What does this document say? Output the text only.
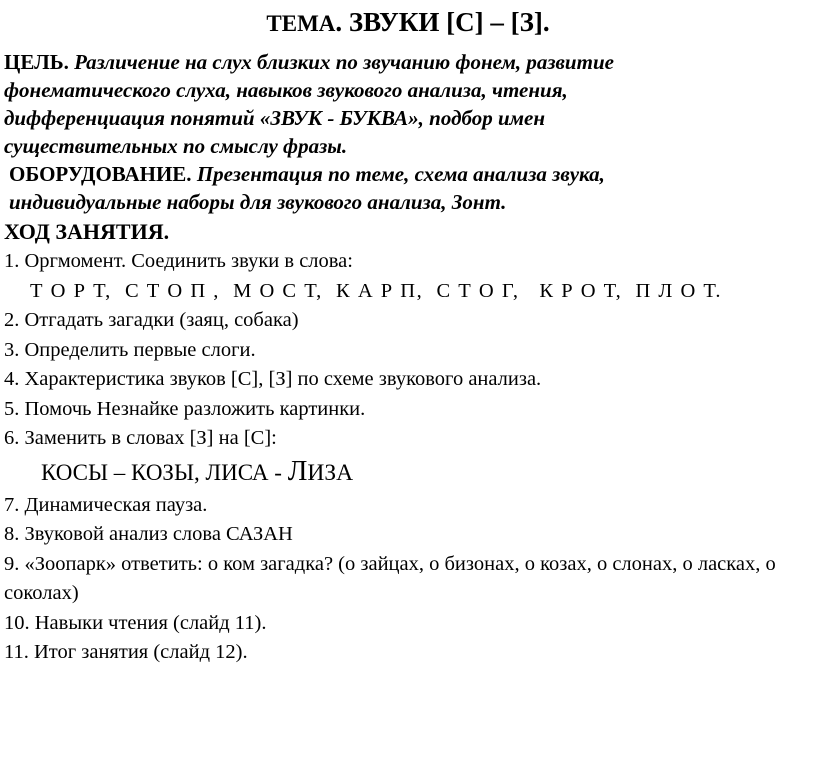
ТЕМА. ЗВУКИ [С] – [З].

ЦЕЛЬ. Различение на слух близких по звучанию фонем, развитие фонематического слуха, навыков звукового анализа, чтения, дифференциация понятий «ЗВУК - БУКВА», подбор имен существительных по смыслу фразы.

ОБОРУДОВАНИЕ. Презентация по теме, схема анализа звука, индивидуальные наборы для звукового анализа, Зонт.

ХОД ЗАНЯТИЯ.
1. Оргмомент. Соединить звуки в слова:
Т О Р Т,  С Т О П ,  М О С Т,  К А Р П,  С Т О Г,   К Р О Т,  П Л О Т.
2. Отгадать загадки (заяц, собака)
3. Определить первые слоги.
4. Характеристика звуков [С], [З] по схеме звукового анализа.
5. Помочь Незнайке разложить картинки.
6. Заменить в словах [З] на [С]:
КОСЫ – КОЗЫ, ЛИСА - ЛИЗА
7. Динамическая пауза.
8. Звуковой анализ слова САЗАН
9. «Зоопарк» ответить: о ком загадка? (о зайцах, о бизонах, о козах, о слонах, о ласках, о соколах)
10. Навыки чтения (слайд 11).
11. Итог занятия (слайд 12).
